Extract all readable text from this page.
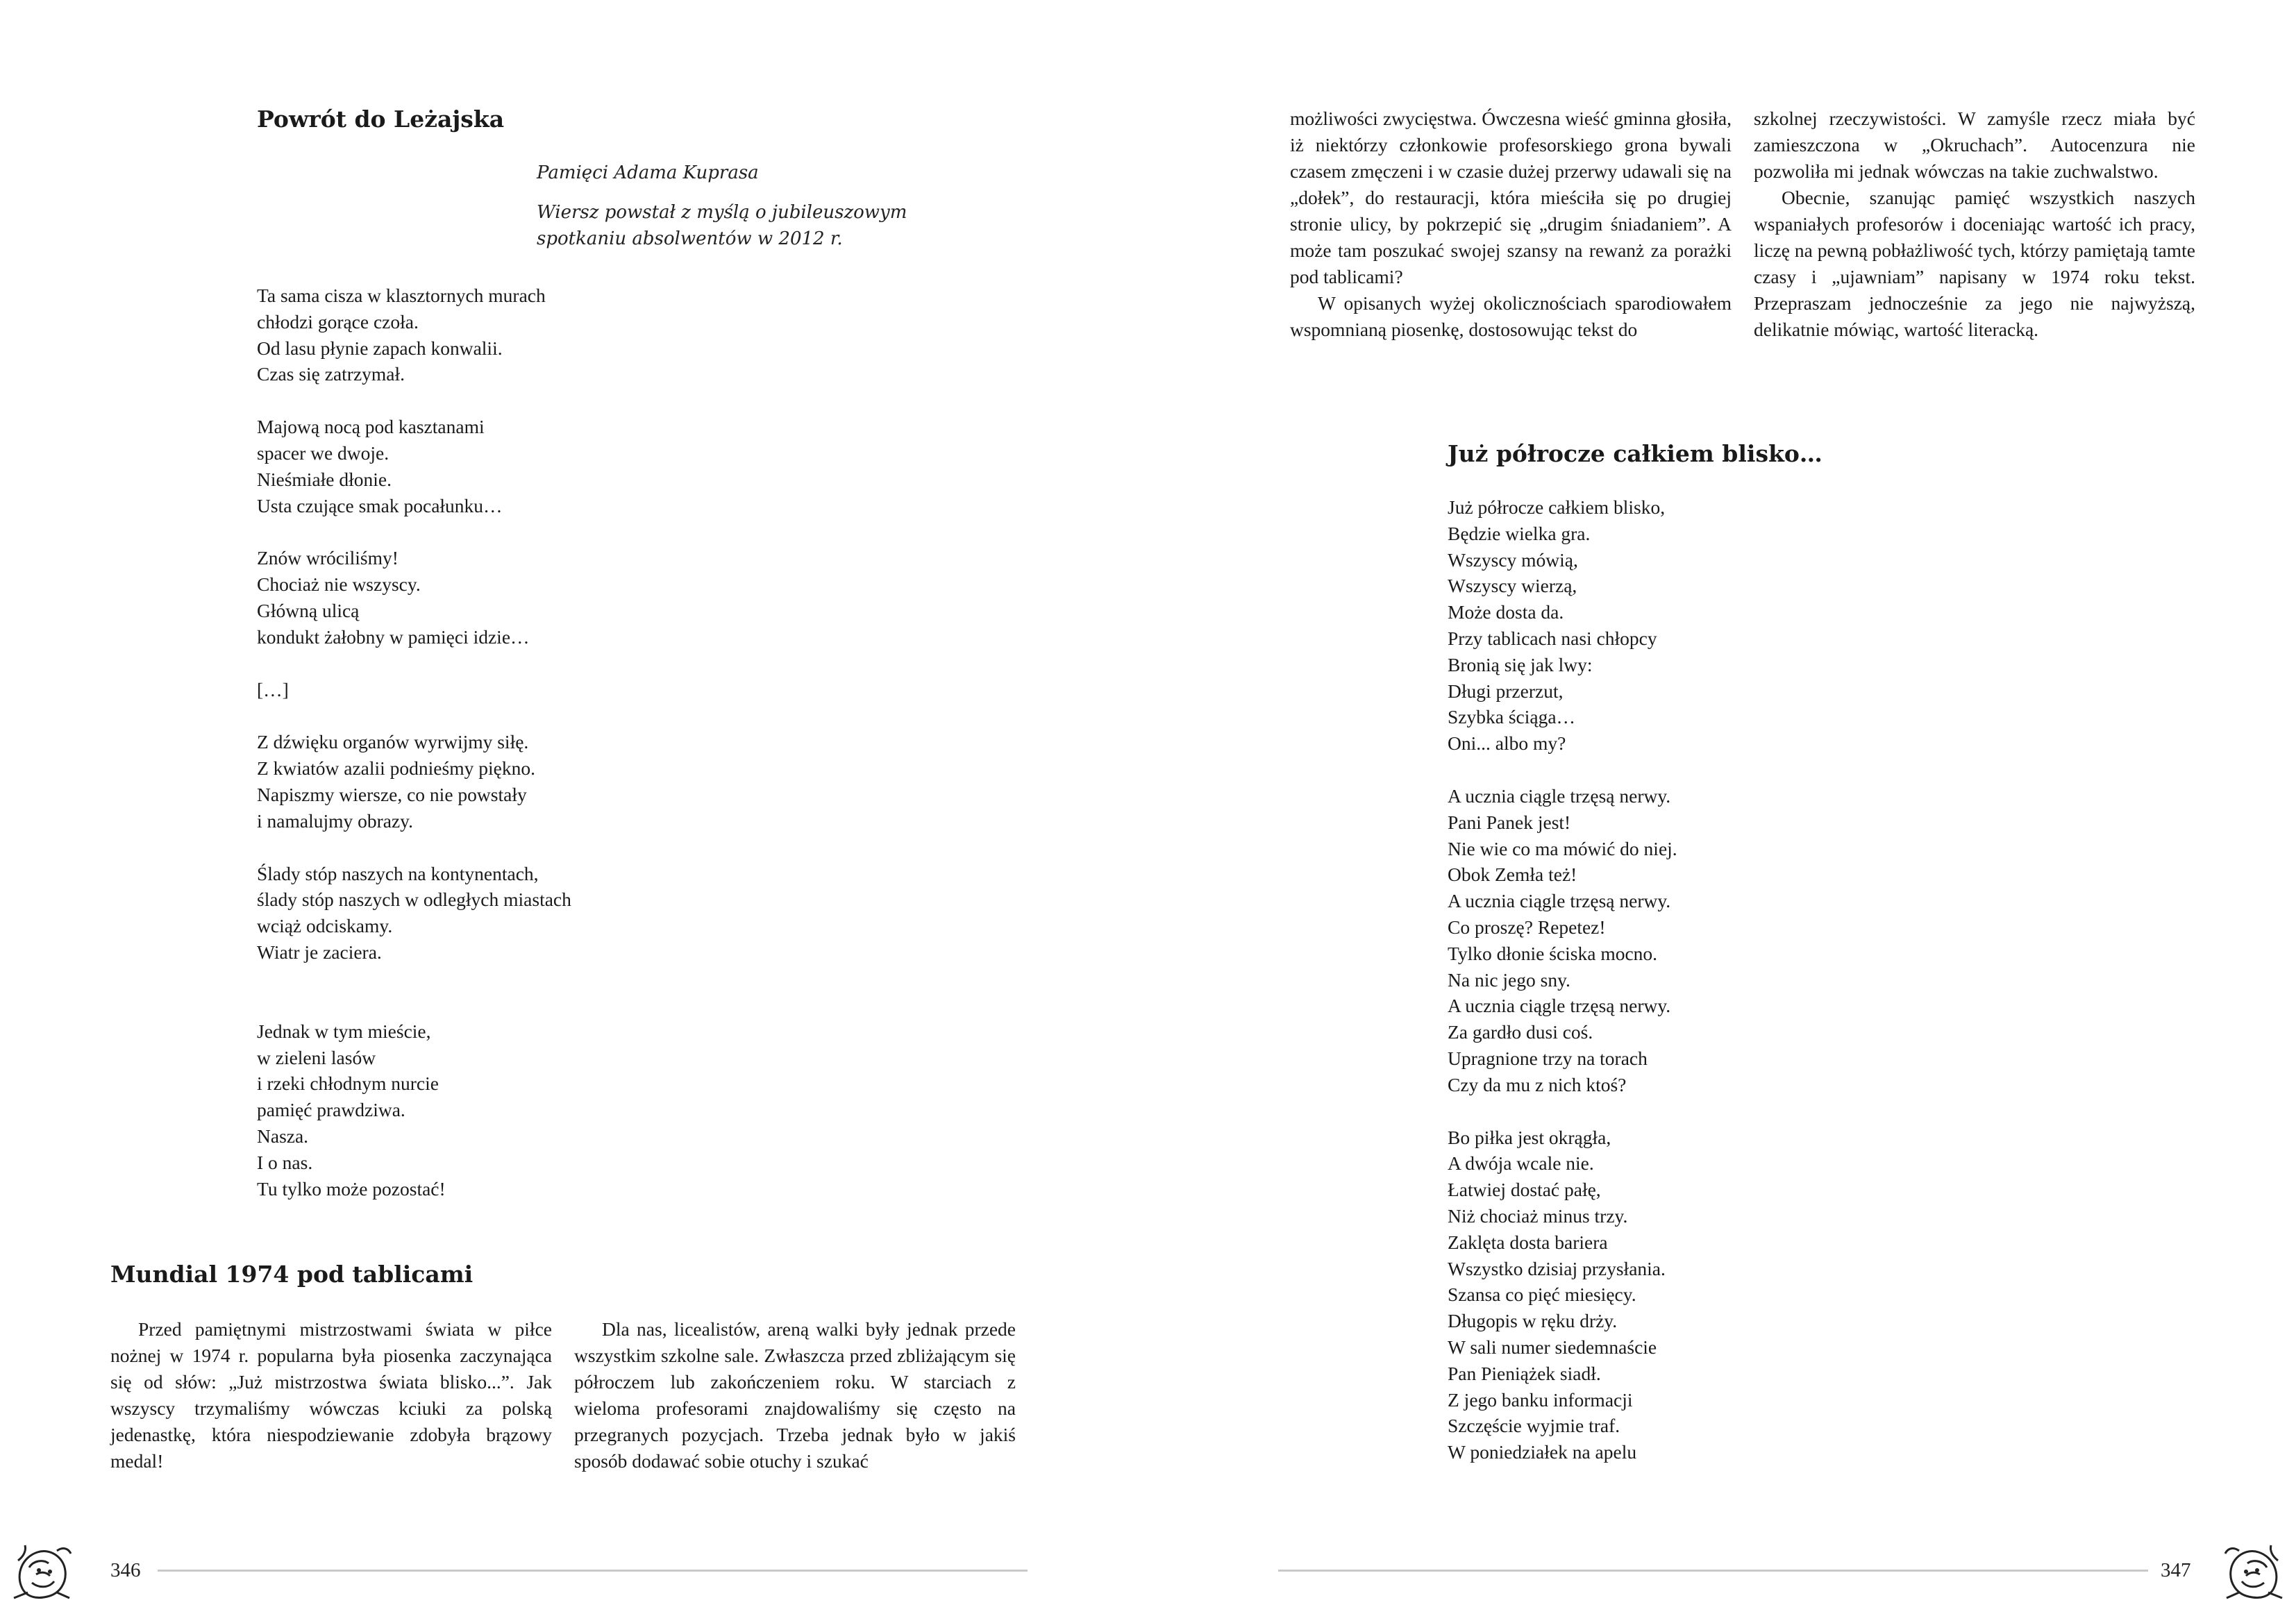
Powrót do Leżajska

Pamięci Adama Kuprasa

Wiersz powstał z myślą o jubileuszowym

spotkaniu absolwentów w 2012 r.

Ta sama cisza w klasztornych murach
chłodzi gorące czoła.
Od lasu płynie zapach konwalii.
Czas się zatrzymał.
Majową nocą pod kasztanami
spacer we dwoje.
Nieśmiałe dłonie.
Usta czujące smak pocałunku…
Znów wróciliśmy!
Chociaż nie wszyscy.
Główną ulicą
kondukt żałobny w pamięci idzie…
[…]
Z dźwięku organów wyrwijmy siłę.
Z kwiatów azalii podnieśmy piękno.
Napiszmy wiersze, co nie powstały
i namalujmy obrazy.
Ślady stóp naszych na kontynentach,
ślady stóp naszych w odległych miastach
wciąż odciskamy.
Wiatr je zaciera.
Jednak w tym mieście,
w zieleni lasów
i rzeki chłodnym nurcie
pamięć prawdziwa.
Nasza.
I o nas.
Tu tylko może pozostać!
Mundial 1974 pod tablicami

Przed pamiętnymi mistrzostwami świata w piłce nożnej w 1974 r. popularna była piosenka zaczynająca się od słów: „Już mistrzostwa świata blisko...”. Jak wszyscy trzymaliśmy wówczas kciuki za polską jedenastkę, która niespodziewanie zdobyła brązowy medal!

Dla nas, licealistów, areną walki były jednak przede wszystkim szkolne sale. Zwłaszcza przed zbliżającym się półroczem lub zakończeniem roku. W starciach z wieloma profesorami znajdowaliśmy się często na przegranych pozycjach. Trzeba jednak było w jakiś sposób dodawać sobie otuchy i szukać

346

możliwości zwycięstwa. Ówczesna wieść gminna głosiła, iż niektórzy członkowie profesorskiego grona bywali czasem zmęczeni i w czasie dużej przerwy udawali się na „dołek”, do restauracji, która mieściła się po drugiej stronie ulicy, by pokrzepić się „drugim śniadaniem”. A może tam poszukać swojej szansy na rewanż za porażki pod tablicami?

W opisanych wyżej okolicznościach sparodiowałem wspomnianą piosenkę, dostosowując tekst do

szkolnej rzeczywistości. W zamyśle rzecz miała być zamieszczona w „Okruchach”. Autocenzura nie pozwoliła mi jednak wówczas na takie zuchwalstwo.

Obecnie, szanując pamięć wszystkich naszych wspaniałych profesorów i doceniając wartość ich pracy, liczę na pewną pobłażliwość tych, którzy pamiętają tamte czasy i „ujawniam” napisany w 1974 roku tekst. Przepraszam jednocześnie za jego nie najwyższą, delikatnie mówiąc, wartość literacką.

Już półrocze całkiem blisko…
Już półrocze całkiem blisko,
Będzie wielka gra.
Wszyscy mówią,
Wszyscy wierzą,
Może dosta da.
Przy tablicach nasi chłopcy
Bronią się jak lwy:
Długi przerzut,
Szybka ściąga…
Oni... albo my?
A ucznia ciągle trzęsą nerwy.
Pani Panek jest!
Nie wie co ma mówić do niej.
Obok Zemła też!
A ucznia ciągle trzęsą nerwy.
Co proszę? Repetez!
Tylko dłonie ściska mocno.
Na nic jego sny.
A ucznia ciągle trzęsą nerwy.
Za gardło dusi coś.
Upragnione trzy na torach
Czy da mu z nich ktoś?
Bo piłka jest okrągła,
A dwója wcale nie.
Łatwiej dostać pałę,
Niż chociaż minus trzy.
Zaklęta dosta bariera
Wszystko dzisiaj przysłania.
Szansa co pięć miesięcy.
Długopis w ręku drży.
W sali numer siedemnaście
Pan Pieniążek siadł.
Z jego banku informacji
Szczęście wyjmie traf.
W poniedziałek na apelu
347
